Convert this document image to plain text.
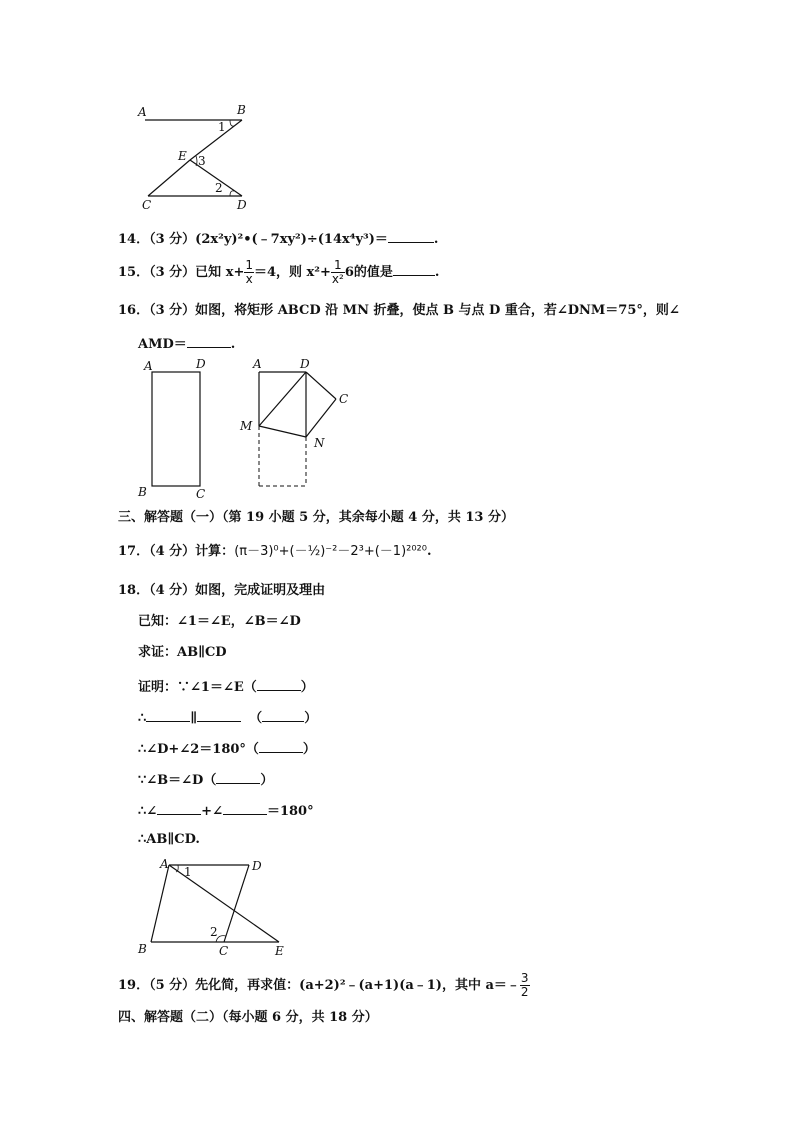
A	B
E
C	D
1
3
2
14．（3 分）(2x²y)²•(﹣7xy²)÷(14x⁴y³)＝	.
15．（3 分）已知 $x+ \frac{1}{x} =4$，则 $x^2+ \frac{1}{\text{x²}} 6$的值是	.
16．（3 分）如图，将矩形 ABCD 沿 MN 折叠，使点 B 与点 D 重合，若∠DNM＝75°，则∠
AMD＝	.
A	D
B	C
A	D
C
M
N
三、解答题（一）（第 19 小题 5 分，其余每小题 4 分，共 13 分）
17．（4 分）计算：(π－3)⁰+(－½)⁻²－2³+(－1)²⁰²⁰.
18．（4 分）如图，完成证明及理由
已知：∠1＝∠E，∠B＝∠D
求证：AB∥CD
证明：∵∠1＝∠E（	）
∴	∥	（	）
∴∠D+∠2＝180°（	）
∵∠B＝∠D（	）
∴∠	+∠	＝180°
∴AB∥CD.
A	D
B	C	E
1
2
19．（5 分）先化简，再求值：(a+2)²﹣(a+1)(a﹣1)，其中 a＝﹣ $\frac{3}{2}$
四、解答题（二）（每小题 6 分，共 18 分）
